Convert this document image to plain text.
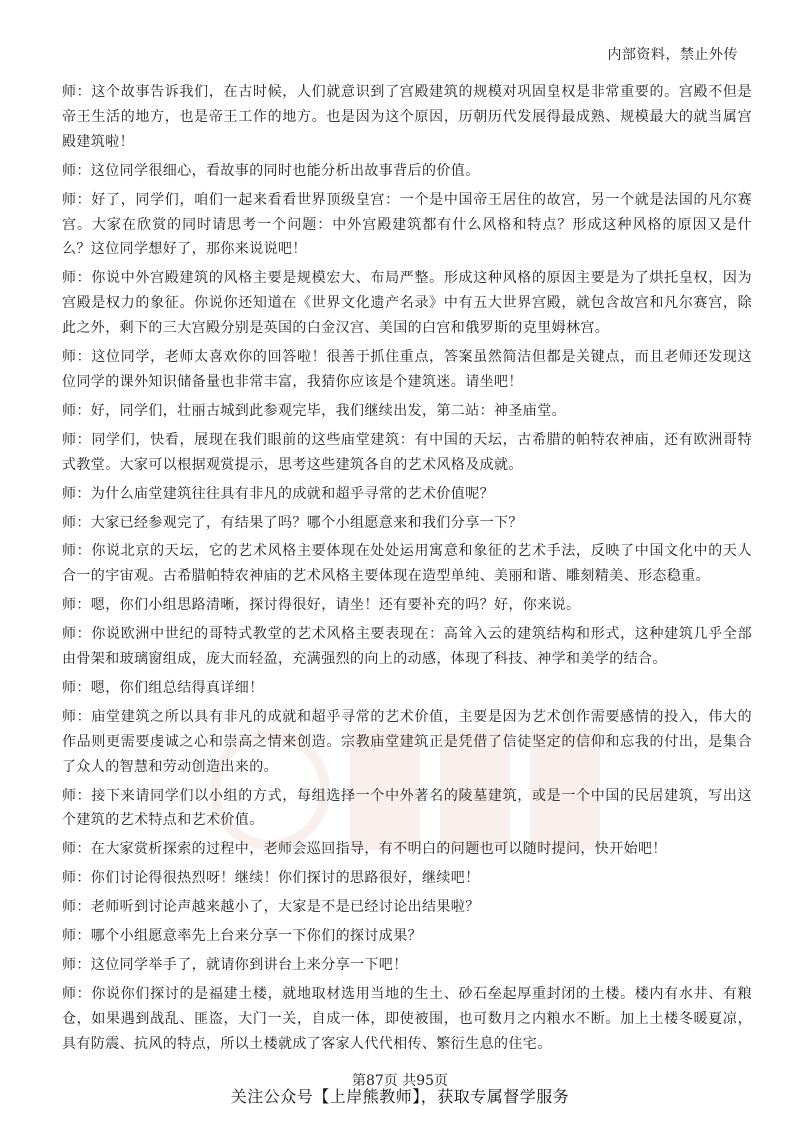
内部资料，禁止外传

师：这个故事告诉我们，在古时候，人们就意识到了宫殿建筑的规模对巩固皇权是非常重要的。宫殿不但是帝王生活的地方，也是帝王工作的地方。也是因为这个原因，历朝历代发展得最成熟、规模最大的就当属宫殿建筑啦！

师：这位同学很细心，看故事的同时也能分析出故事背后的价值。

师：好了，同学们，咱们一起来看看世界顶级皇宫：一个是中国帝王居住的故宫，另一个就是法国的凡尔赛宫。大家在欣赏的同时请思考一个问题：中外宫殿建筑都有什么风格和特点？形成这种风格的原因又是什么？这位同学想好了，那你来说说吧！

师：你说中外宫殿建筑的风格主要是规模宏大、布局严整。形成这种风格的原因主要是为了烘托皇权，因为宫殿是权力的象征。你说你还知道在《世界文化遗产名录》中有五大世界宫殿，就包含故宫和凡尔赛宫，除此之外，剩下的三大宫殿分别是英国的白金汉宫、美国的白宫和俄罗斯的克里姆林宫。

师：这位同学，老师太喜欢你的回答啦！很善于抓住重点，答案虽然简洁但都是关键点，而且老师还发现这位同学的课外知识储备量也非常丰富，我猜你应该是个建筑迷。请坐吧！

师：好，同学们，壮丽古城到此参观完毕，我们继续出发，第二站：神圣庙堂。

师：同学们，快看，展现在我们眼前的这些庙堂建筑：有中国的天坛，古希腊的帕特农神庙，还有欧洲哥特式教堂。大家可以根据观赏提示，思考这些建筑各自的艺术风格及成就。

师：为什么庙堂建筑往往具有非凡的成就和超乎寻常的艺术价值呢？

师：大家已经参观完了，有结果了吗？哪个小组愿意来和我们分享一下？

师：你说北京的天坛，它的艺术风格主要体现在处处运用寓意和象征的艺术手法，反映了中国文化中的天人合一的宇宙观。古希腊帕特农神庙的艺术风格主要体现在造型单纯、美丽和谐、雕刻精美、形态稳重。

师：嗯，你们小组思路清晰，探讨得很好，请坐！还有要补充的吗？好，你来说。

师：你说欧洲中世纪的哥特式教堂的艺术风格主要表现在：高耸入云的建筑结构和形式，这种建筑几乎全部由骨架和玻璃窗组成，庞大而轻盈，充满强烈的向上的动感，体现了科技、神学和美学的结合。

师：嗯，你们组总结得真详细！

师：庙堂建筑之所以具有非凡的成就和超乎寻常的艺术价值，主要是因为艺术创作需要感情的投入，伟大的作品则更需要虔诚之心和崇高之情来创造。宗教庙堂建筑正是凭借了信徒坚定的信仰和忘我的付出，是集合了众人的智慧和劳动创造出来的。

师：接下来请同学们以小组的方式，每组选择一个中外著名的陵墓建筑，或是一个中国的民居建筑，写出这个建筑的艺术特点和艺术价值。

师：在大家赏析探索的过程中，老师会巡回指导，有不明白的问题也可以随时提问，快开始吧！

师：你们讨论得很热烈呀！继续！你们探讨的思路很好，继续吧！

师：老师听到讨论声越来越小了，大家是不是已经讨论出结果啦？

师：哪个小组愿意率先上台来分享一下你们的探讨成果？

师：这位同学举手了，就请你到讲台上来分享一下吧！

师：你说你们探讨的是福建土楼，就地取材选用当地的生土、砂石垒起厚重封闭的土楼。楼内有水井、有粮仓，如果遇到战乱、匪盗，大门一关，自成一体，即使被围，也可数月之内粮水不断。加上土楼冬暖夏凉，具有防震、抗风的特点，所以土楼就成了客家人代代相传、繁衍生息的住宅。

第87页 共95页
关注公众号【上岸熊教师】，获取专属督学服务
